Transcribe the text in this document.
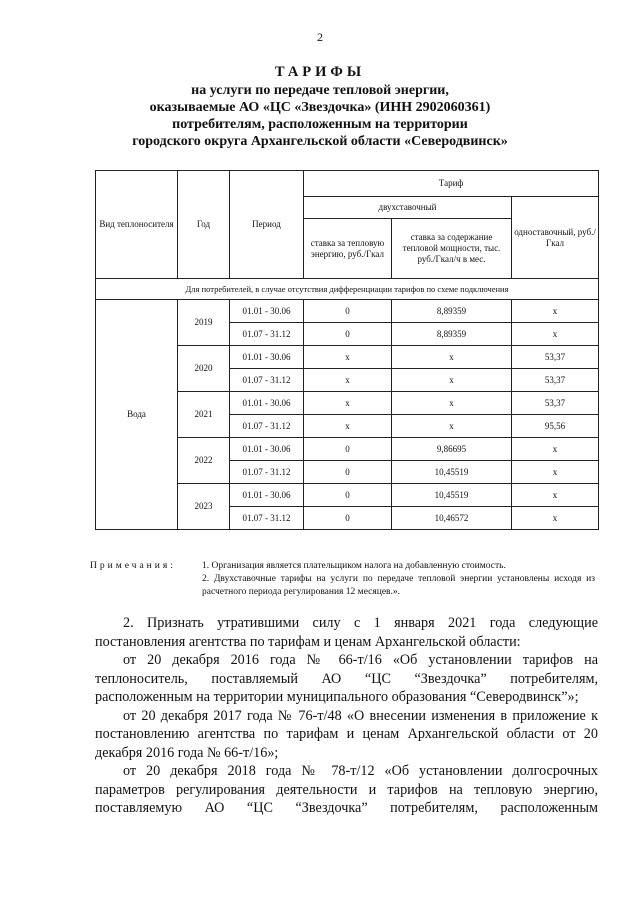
2
ТАРИФЫ
на услуги по передаче тепловой энергии,
оказываемые АО «ЦС «Звездочка» (ИНН 2902060361)
потребителям, расположенным на территории
городского округа Архангельской области «Северодвинск»
Вид теплоносителя	Год	Период	Тариф		
			двухставочный		одноставочный, руб./Гкал
			ставка за тепловую энергию, руб./Гкал	ставка за содержание тепловой мощности, тыс. руб./Гкал/ч в мес.	
Для потребителей, в случае отсутствия дифференциации тарифов по схеме подключения					
Вода	2019	01.01 - 30.06	0	8,89359	х
		01.07 - 31.12	0	8,89359	х
	2020	01.01 - 30.06	х	х	53,37
		01.07 - 31.12	х	х	53,37
	2021	01.01 - 30.06	х	х	53,37
		01.07 - 31.12	х	х	95,56
	2022	01.01 - 30.06	0	9,86695	х
		01.07 - 31.12	0	10,45519	х
	2023	01.01 - 30.06	0	10,45519	х
		01.07 - 31.12	0	10,46572	х
Примечания:	1. Организация является плательщиком налога на добавленную стоимость.
2. Двухставочные тарифы на услуги по передаче тепловой энергии установлены исходя из расчетного периода регулирования 12 месяцев.».

2. Признать утратившими силу с 1 января 2021 года следующие постановления агентства по тарифам и ценам Архангельской области:

от 20 декабря 2016 года № 66-т/16 «Об установлении тарифов на теплоноситель, поставляемый АО “ЦС “Звездочка” потребителям, расположенным на территории муниципального образования “Северодвинск”»;

от 20 декабря 2017 года № 76-т/48 «О внесении изменения в приложение к постановлению агентства по тарифам и ценам Архангельской области от 20 декабря 2016 года № 66-т/16»;

от 20 декабря 2018 года № 78-т/12 «Об установлении долгосрочных параметров регулирования деятельности и тарифов на тепловую энергию, поставляемую АО “ЦС “Звездочка” потребителям, расположенным
